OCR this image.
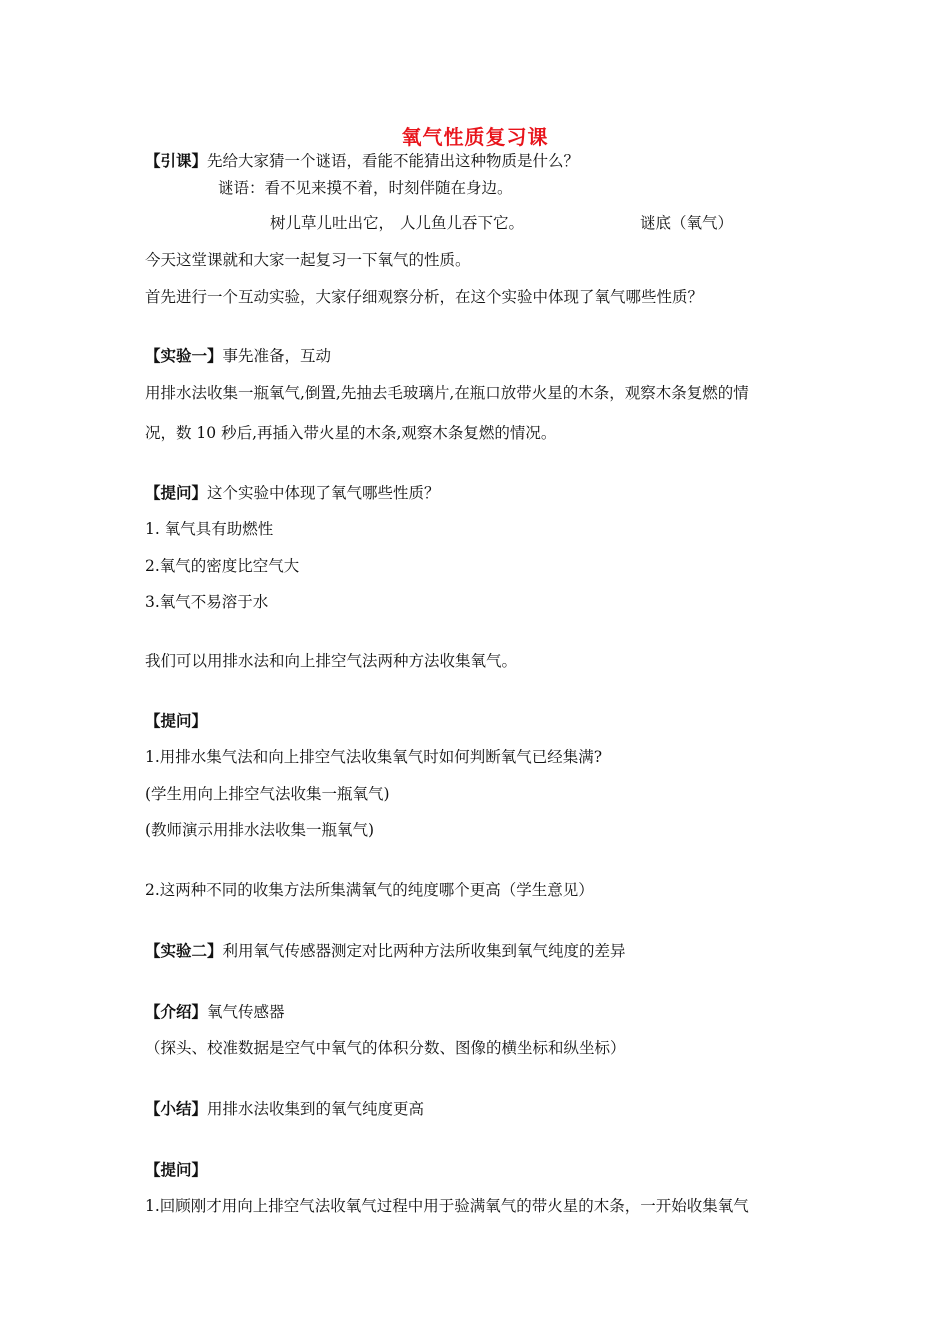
氧气性质复习课
【引课】先给大家猜一个谜语，看能不能猜出这种物质是什么？
谜语：看不见来摸不着，时刻伴随在身边。
树儿草儿吐出它， 人儿鱼儿吞下它。	谜底（氧气）
今天这堂课就和大家一起复习一下氧气的性质。
首先进行一个互动实验，大家仔细观察分析，在这个实验中体现了氧气哪些性质？
【实验一】事先准备，互动
用排水法收集一瓶氧气,倒置,先抽去毛玻璃片,在瓶口放带火星的木条，观察木条复燃的情
况，数 10 秒后,再插入带火星的木条,观察木条复燃的情况。
【提问】这个实验中体现了氧气哪些性质？
1. 氧气具有助燃性
2.氧气的密度比空气大
3.氧气不易溶于水
我们可以用排水法和向上排空气法两种方法收集氧气。
【提问】
1.用排水集气法和向上排空气法收集氧气时如何判断氧气已经集满?
(学生用向上排空气法收集一瓶氧气)
(教师演示用排水法收集一瓶氧气)
2.这两种不同的收集方法所集满氧气的纯度哪个更高（学生意见）
【实验二】利用氧气传感器测定对比两种方法所收集到氧气纯度的差异
【介绍】氧气传感器
（探头、校准数据是空气中氧气的体积分数、图像的横坐标和纵坐标）
【小结】用排水法收集到的氧气纯度更高
【提问】
1.回顾刚才用向上排空气法收氧气过程中用于验满氧气的带火星的木条，一开始收集氧气
